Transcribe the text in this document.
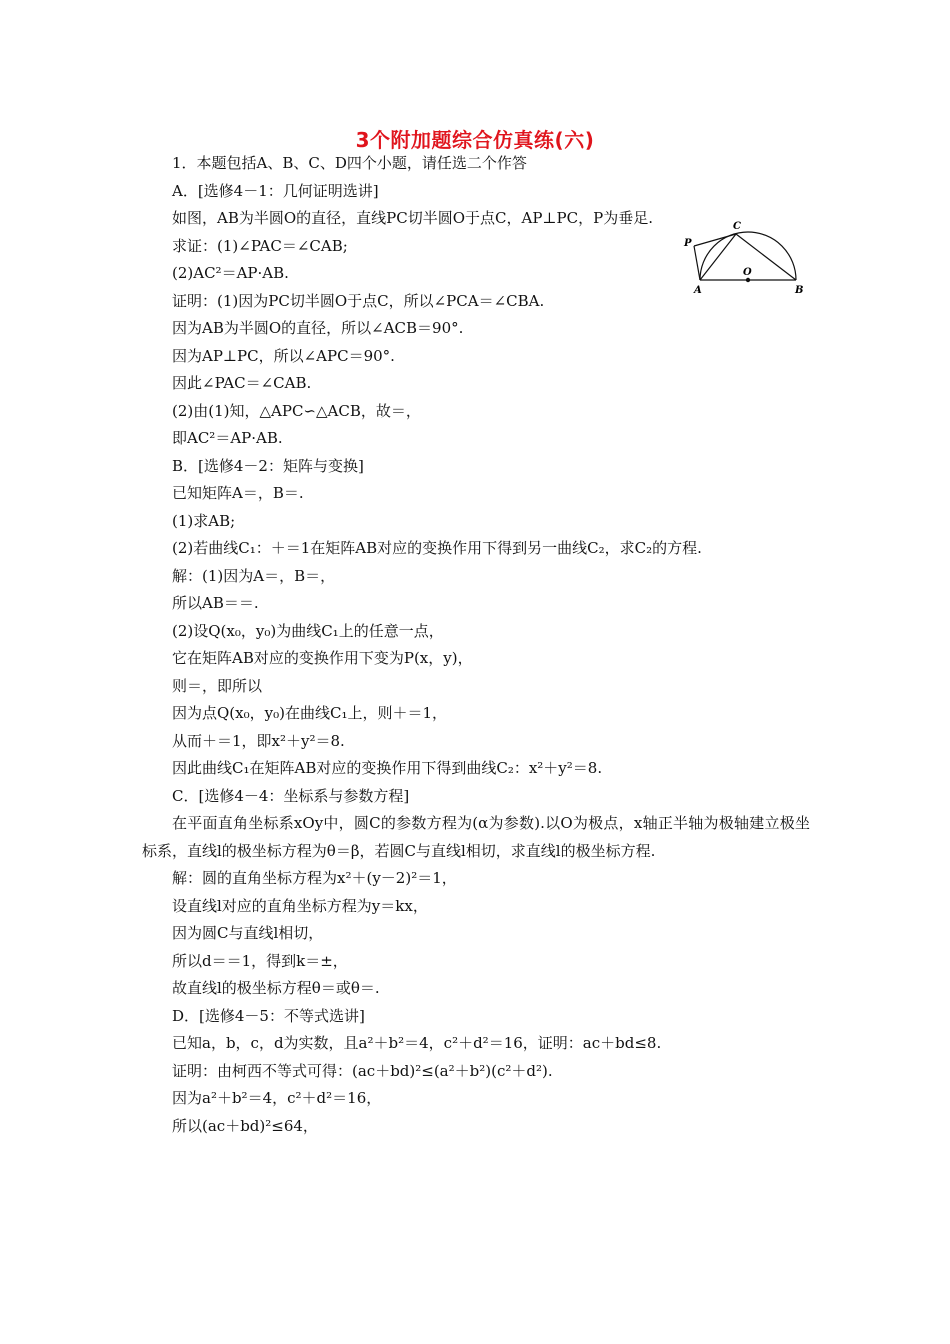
3个附加题综合仿真练(六)
P
C
O
A	B

1．本题包括A、B、C、D四个小题，请任选二个作答

A．[选修4－1：几何证明选讲]

如图，AB为半圆O的直径，直线PC切半圆O于点C，AP⊥PC，P为垂足.

求证：(1)∠PAC＝∠CAB;

(2)AC²＝AP·AB.

证明：(1)因为PC切半圆O于点C，所以∠PCA＝∠CBA.

因为AB为半圆O的直径，所以∠ACB＝90°.

因为AP⊥PC，所以∠APC＝90°.

因此∠PAC＝∠CAB.

(2)由(1)知，△APC∽△ACB，故＝，

即AC²＝AP·AB.

B．[选修4－2：矩阵与变换]

已知矩阵A＝，B＝.

(1)求AB;

(2)若曲线C₁：＋＝1在矩阵AB对应的变换作用下得到另一曲线C₂，求C₂的方程.

解：(1)因为A＝，B＝，

所以AB＝＝.

(2)设Q(x₀，y₀)为曲线C₁上的任意一点，

它在矩阵AB对应的变换作用下变为P(x，y)，

则＝，即所以

因为点Q(x₀，y₀)在曲线C₁上，则＋＝1，

从而＋＝1，即x²＋y²＝8.

因此曲线C₁在矩阵AB对应的变换作用下得到曲线C₂：x²＋y²＝8.

C．[选修4－4：坐标系与参数方程]

在平面直角坐标系xOy中，圆C的参数方程为(α为参数).以O为极点，x轴正半轴为极轴建立极坐标系，直线l的极坐标方程为θ＝β，若圆C与直线l相切，求直线l的极坐标方程.

解：圆的直角坐标方程为x²＋(y－2)²＝1，

设直线l对应的直角坐标方程为y＝kx，

因为圆C与直线l相切，

所以d＝＝1，得到k＝±，

故直线l的极坐标方程θ＝或θ＝.

D．[选修4－5：不等式选讲]

已知a，b，c，d为实数，且a²＋b²＝4，c²＋d²＝16，证明：ac＋bd≤8.

证明：由柯西不等式可得：(ac＋bd)²≤(a²＋b²)(c²＋d²).

因为a²＋b²＝4，c²＋d²＝16，

所以(ac＋bd)²≤64，
